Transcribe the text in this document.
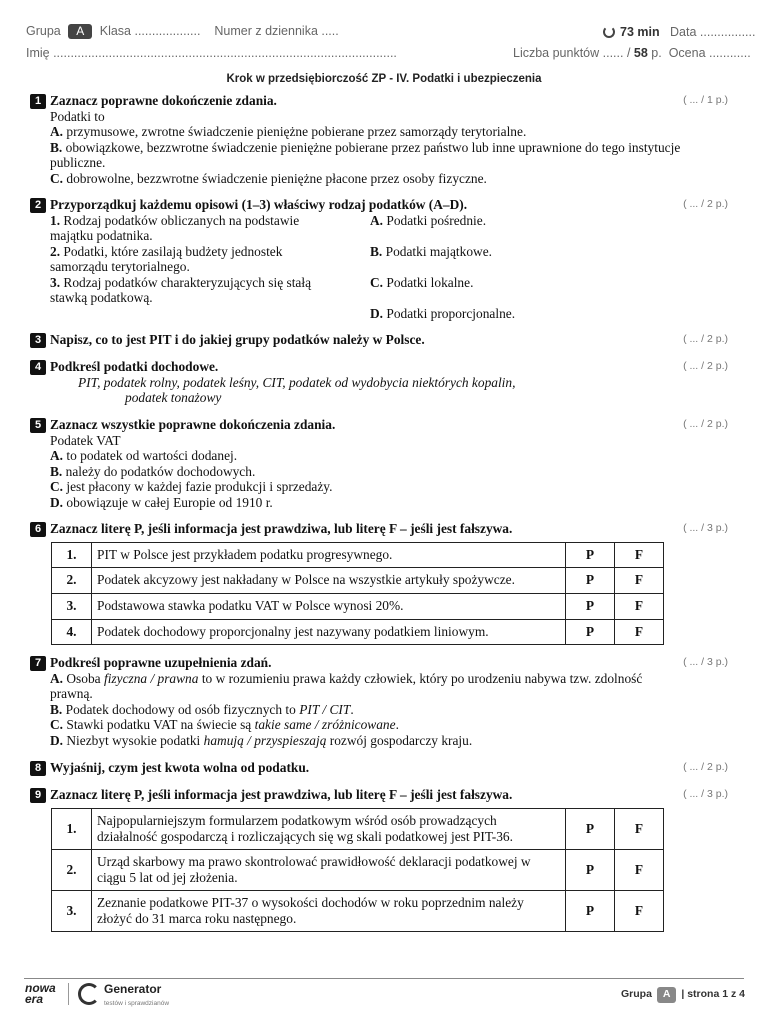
Grupa A Klasa ................... Numer z dziennika .....	73 min Data ................
Imię ...................................................................................................	Liczba punktów ...... / 58 p. Ocena ............
Krok w przedsiębiorczość ZP - IV. Podatki i ubezpieczenia
1 Zaznacz poprawne dokończenie zdania.	( ... / 1 p.)
Podatki to
A. przymusowe, zwrotne świadczenie pieniężne pobierane przez samorządy terytorialne.
B. obowiązkowe, bezzwrotne świadczenie pieniężne pobierane przez państwo lub inne uprawnione do tego instytucje publiczne.
C. dobrowolne, bezzwrotne świadczenie pieniężne płacone przez osoby fizyczne.
2 Przyporządkuj każdemu opisowi (1–3) właściwy rodzaj podatków (A–D).	( ... / 2 p.)
1. Rodzaj podatków obliczanych na podstawie majątku podatnika.
2. Podatki, które zasilają budżety jednostek samorządu terytorialnego.
3. Rodzaj podatków charakteryzujących się stałą stawką podatkową.
A. Podatki pośrednie.
B. Podatki majątkowe.
C. Podatki lokalne.
D. Podatki proporcjonalne.
3 Napisz, co to jest PIT i do jakiej grupy podatków należy w Polsce.	( ... / 2 p.)
4 Podkreśl podatki dochodowe.	( ... / 2 p.)
PIT, podatek rolny, podatek leśny, CIT, podatek od wydobycia niektórych kopalin,
podatek tonażowy
5 Zaznacz wszystkie poprawne dokończenia zdania.	( ... / 2 p.)
Podatek VAT
A. to podatek od wartości dodanej.
B. należy do podatków dochodowych.
C. jest płacony w każdej fazie produkcji i sprzedaży.
D. obowiązuje w całej Europie od 1910 r.
6 Zaznacz literę P, jeśli informacja jest prawdziwa, lub literę F – jeśli jest fałszywa.	( ... / 3 p.)
1.	PIT w Polsce jest przykładem podatku progresywnego.	P	F
2.	Podatek akcyzowy jest nakładany w Polsce na wszystkie artykuły spożywcze.	P	F
3.	Podstawowa stawka podatku VAT w Polsce wynosi 20%.	P	F
4.	Podatek dochodowy proporcjonalny jest nazywany podatkiem liniowym.	P	F
7 Podkreśl poprawne uzupełnienia zdań.	( ... / 3 p.)
A. Osoba fizyczna / prawna to w rozumieniu prawa każdy człowiek, który po urodzeniu nabywa tzw. zdolność prawną.
B. Podatek dochodowy od osób fizycznych to PIT / CIT.
C. Stawki podatku VAT na świecie są takie same / zróżnicowane.
D. Niezbyt wysokie podatki hamują / przyspieszają rozwój gospodarczy kraju.
8 Wyjaśnij, czym jest kwota wolna od podatku.	( ... / 2 p.)
9 Zaznacz literę P, jeśli informacja jest prawdziwa, lub literę F – jeśli jest fałszywa.	( ... / 3 p.)
1.	Najpopularniejszym formularzem podatkowym wśród osób prowadzących działalność gospodarczą i rozliczających się wg skali podatkowej jest PIT-36.	P	F
2.	Urząd skarbowy ma prawo skontrolować prawidłowość deklaracji podatkowej w ciągu 5 lat od jej złożenia.	P	F
3.	Zeznanie podatkowe PIT-37 o wysokości dochodów w roku poprzednim należy złożyć do 31 marca roku następnego.	P	F
nowa
era
Generator
testów i sprawdzianów
Grupa A | strona 1 z 4
